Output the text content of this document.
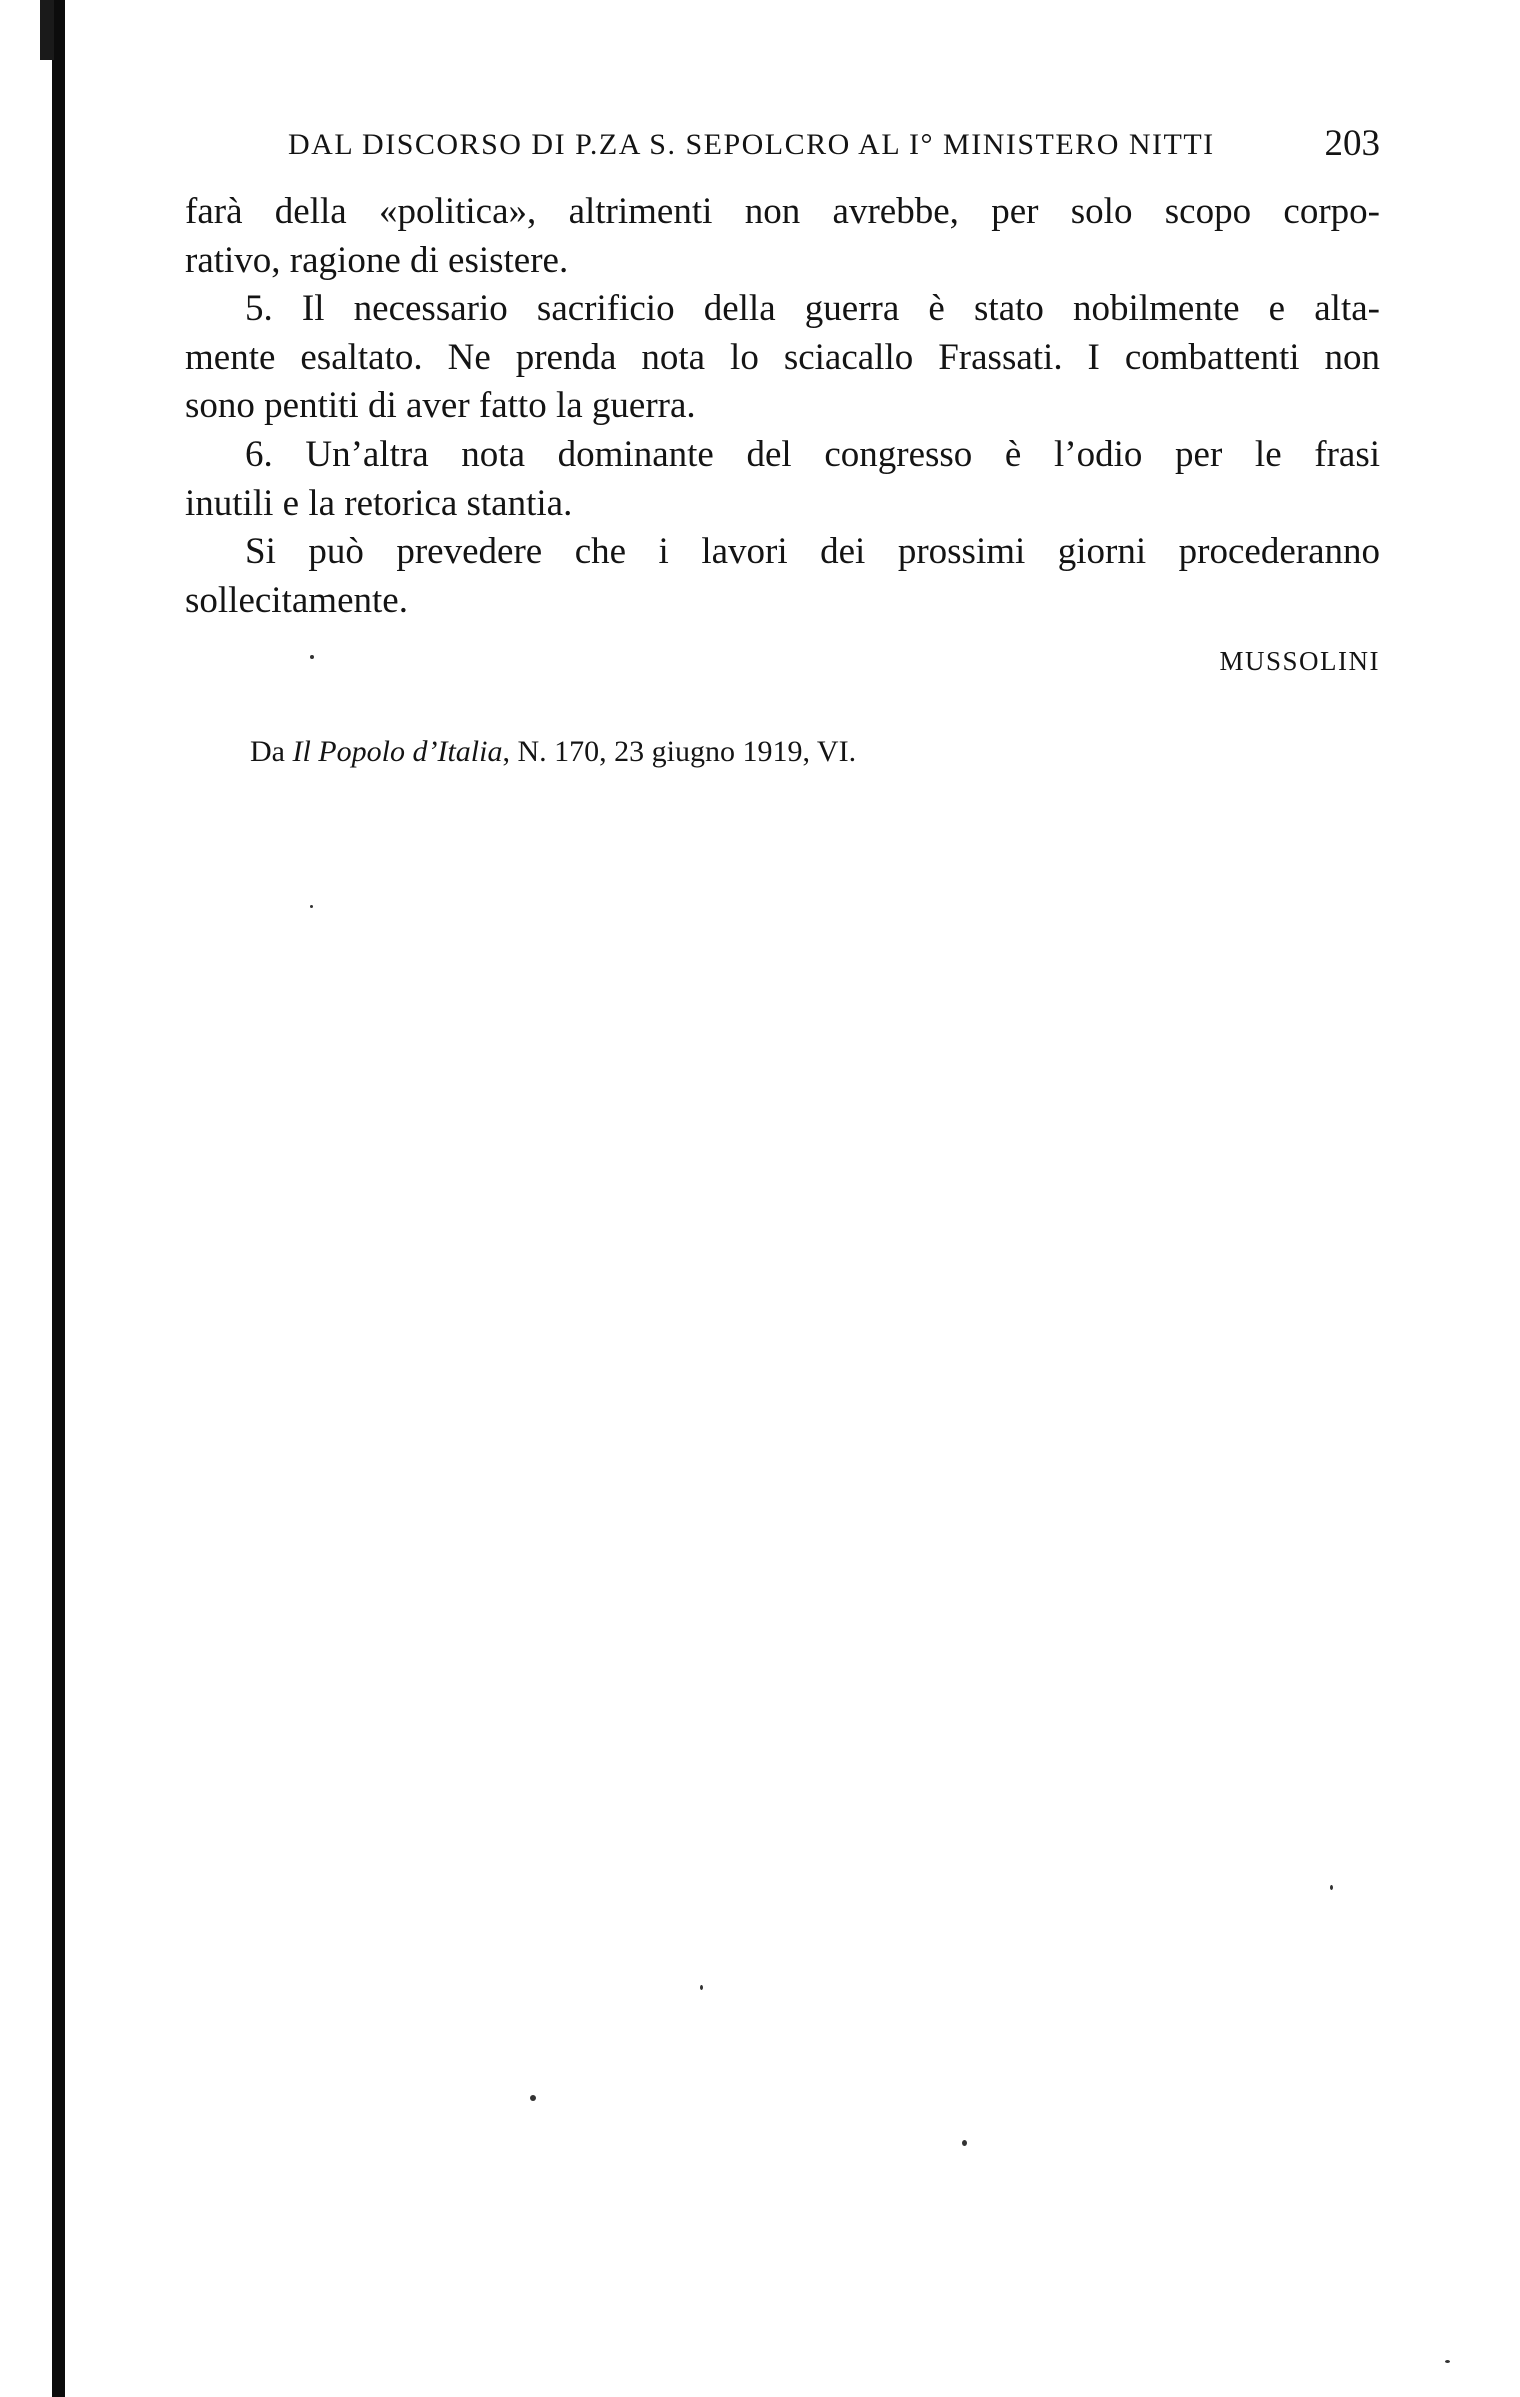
DAL DISCORSO DI P.ZA S. SEPOLCRO AL I° MINISTERO NITTI	203
farà della «politica», altrimenti non avrebbe, per solo scopo corpo-
rativo, ragione di esistere.
5. Il necessario sacrificio della guerra è stato nobilmente e alta-
mente esaltato. Ne prenda nota lo sciacallo Frassati. I combattenti non
sono pentiti di aver fatto la guerra.
6. Un’altra nota dominante del congresso è l’odio per le frasi
inutili e la retorica stantia.
Si può prevedere che i lavori dei prossimi giorni procederanno
sollecitamente.
MUSSOLINI
Da Il Popolo d’Italia, N. 170, 23 giugno 1919, VI.
